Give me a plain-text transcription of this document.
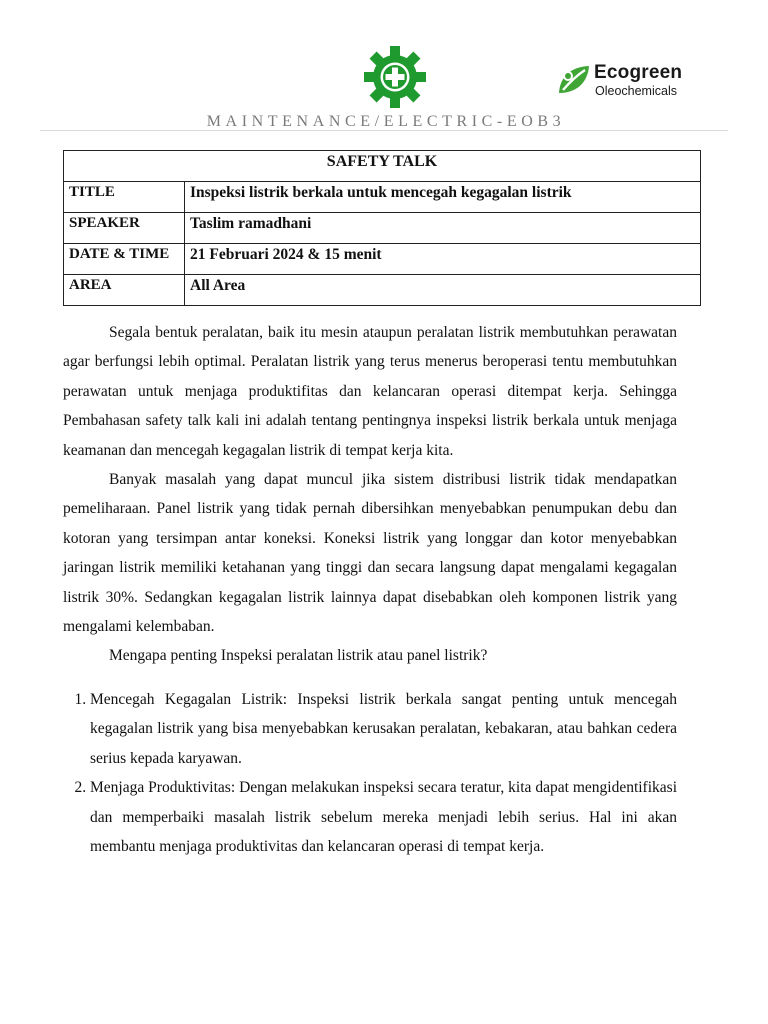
Ecogreen
Oleochemicals
MAINTENANCE/ELECTRIC-EOB3
SAFETY TALK	
TITLE	Inspeksi listrik berkala untuk mencegah kegagalan listrik
SPEAKER	Taslim ramadhani
DATE & TIME	21 Februari 2024 & 15 menit
AREA	All Area

Segala bentuk peralatan, baik itu mesin ataupun peralatan listrik membutuhkan perawatan agar berfungsi lebih optimal. Peralatan listrik yang terus menerus beroperasi tentu membutuhkan perawatan untuk menjaga produktifitas dan kelancaran operasi ditempat kerja. Sehingga Pembahasan safety talk kali ini adalah tentang pentingnya inspeksi listrik berkala untuk menjaga keamanan dan mencegah kegagalan listrik di tempat kerja kita.

Banyak masalah yang dapat muncul jika sistem distribusi listrik tidak mendapatkan pemeliharaan. Panel listrik yang tidak pernah dibersihkan menyebabkan penumpukan debu dan kotoran yang tersimpan antar koneksi. Koneksi listrik yang longgar dan kotor menyebabkan jaringan listrik memiliki ketahanan yang tinggi dan secara langsung dapat mengalami kegagalan listrik 30%. Sedangkan kegagalan listrik lainnya dapat disebabkan oleh komponen listrik yang mengalami kelembaban.

Mengapa penting Inspeksi peralatan listrik atau panel listrik?

1. Mencegah Kegagalan Listrik: Inspeksi listrik berkala sangat penting untuk mencegah kegagalan listrik yang bisa menyebabkan kerusakan peralatan, kebakaran, atau bahkan cedera serius kepada karyawan.
2. Menjaga Produktivitas: Dengan melakukan inspeksi secara teratur, kita dapat mengidentifikasi dan memperbaiki masalah listrik sebelum mereka menjadi lebih serius. Hal ini akan membantu menjaga produktivitas dan kelancaran operasi di tempat kerja.
